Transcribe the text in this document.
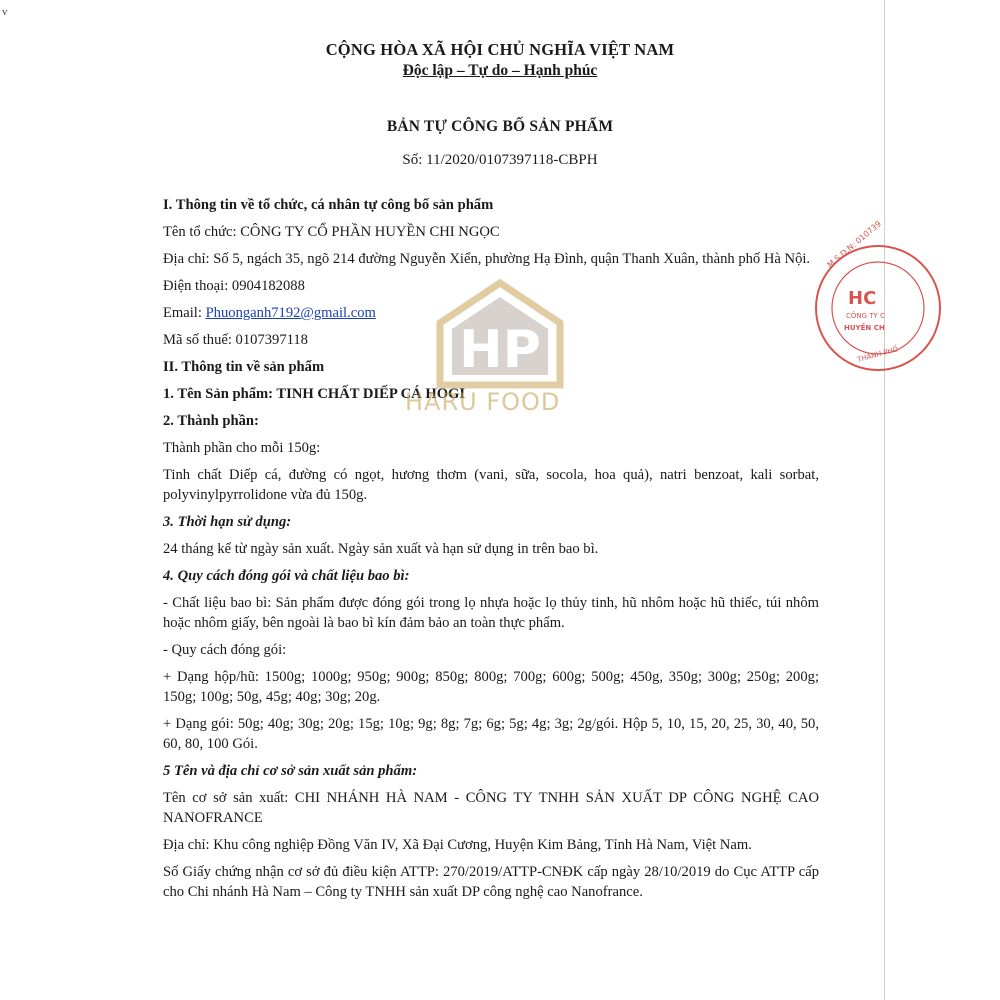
v
CỘNG HÒA XÃ HỘI CHỦ NGHĨA VIỆT NAM
Độc lập – Tự do – Hạnh phúc
BẢN TỰ CÔNG BỐ SẢN PHẨM
Số: 11/2020/0107397118-CBPH

I. Thông tin về tổ chức, cá nhân tự công bố sản phẩm

Tên tổ chức: CÔNG TY CỔ PHẦN HUYỀN CHI NGỌC

Địa chỉ: Số 5, ngách 35, ngõ 214 đường Nguyễn Xiển, phường Hạ Đình, quận Thanh Xuân, thành phố Hà Nội.

Điện thoại: 0904182088

Email: Phuonganh7192@gmail.com

Mã số thuế: 0107397118

II. Thông tin về sản phẩm

1. Tên Sản phẩm: TINH CHẤT DIẾP CÁ HOGI

2. Thành phần:

Thành phần cho mỗi 150g:

Tinh chất Diếp cá, đường có ngọt, hương thơm (vani, sữa, socola, hoa quả), natri benzoat, kali sorbat, polyvinylpyrrolidone vừa đủ 150g.

3. Thời hạn sử dụng:

24 tháng kể từ ngày sản xuất. Ngày sản xuất và hạn sử dụng in trên bao bì.

4. Quy cách đóng gói và chất liệu bao bì:

- Chất liệu bao bì: Sản phẩm được đóng gói trong lọ nhựa hoặc lọ thủy tinh, hũ nhôm hoặc hũ thiếc, túi nhôm hoặc nhôm giấy, bên ngoài là bao bì kín đảm bảo an toàn thực phẩm.

- Quy cách đóng gói:

+ Dạng hộp/hũ: 1500g; 1000g; 950g; 900g; 850g; 800g; 700g; 600g; 500g; 450g, 350g; 300g; 250g; 200g; 150g; 100g; 50g, 45g; 40g; 30g; 20g.

+ Dạng gói: 50g; 40g; 30g; 20g; 15g; 10g; 9g; 8g; 7g; 6g; 5g; 4g; 3g; 2g/gói. Hộp 5, 10, 15, 20, 25, 30, 40, 50, 60, 80, 100 Gói.

5 Tên và địa chỉ cơ sở sản xuất sản phẩm:

Tên cơ sở sản xuất: CHI NHÁNH HÀ NAM - CÔNG TY TNHH SẢN XUẤT DP CÔNG NGHỆ CAO NANOFRANCE

Địa chỉ: Khu công nghiệp Đồng Văn IV, Xã Đại Cương, Huyện Kim Bảng, Tỉnh Hà Nam, Việt Nam.

Số Giấy chứng nhận cơ sở đủ điều kiện ATTP: 270/2019/ATTP-CNĐK cấp ngày 28/10/2019 do Cục ATTP cấp cho Chi nhánh Hà Nam – Công ty TNHH sản xuất DP công nghệ cao Nanofrance.

HP
HARU FOOD
M.S.D.N: 010739
HC
CÔNG TY C
HUYỀN CH
THÀNH PHỐ
